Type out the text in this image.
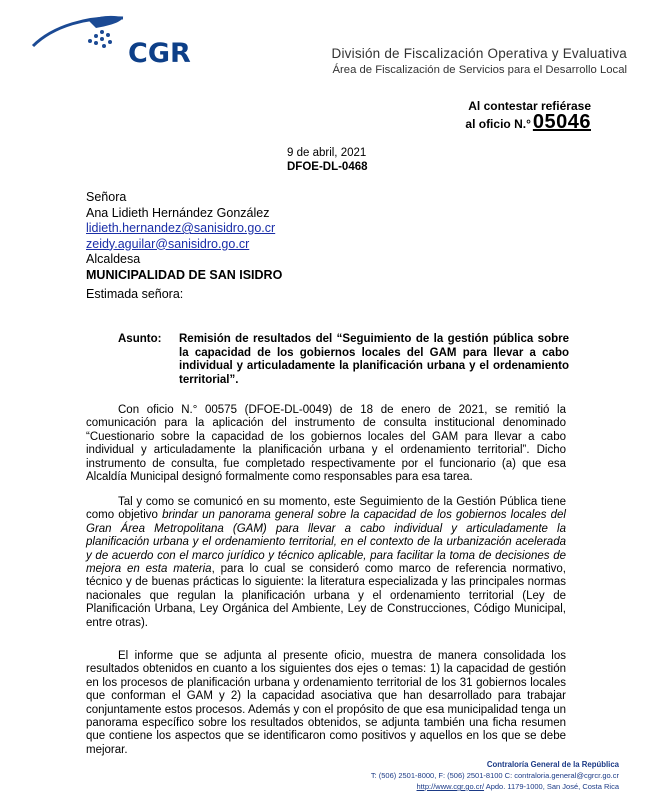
CGR	División de Fiscalización Operativa y Evaluativa
Área de Fiscalización de Servicios para el Desarrollo Local
Al contestar refiérase
al oficio N.° 05046
9 de abril, 2021
DFOE-DL-0468
Señora
Ana Lidieth Hernández González
lidieth.hernandez@sanisidro.go.cr
zeidy.aguilar@sanisidro.go.cr
Alcaldesa
MUNICIPALIDAD DE SAN ISIDRO
Estimada señora:
Asunto:	Remisión de resultados del “Seguimiento de la gestión pública sobre la capacidad de los gobiernos locales del GAM para llevar a cabo individual y articuladamente la planificación urbana y el ordenamiento territorial”.
Con oficio N.° 00575 (DFOE-DL-0049) de 18 de enero de 2021, se remitió la comunicación para la aplicación del instrumento de consulta institucional denominado “Cuestionario sobre la capacidad de los gobiernos locales del GAM para llevar a cabo individual y articuladamente la planificación urbana y el ordenamiento territorial”. Dicho instrumento de consulta, fue completado respectivamente por el funcionario (a) que esa Alcaldía Municipal designó formalmente como responsables para esa tarea.
Tal y como se comunicó en su momento, este Seguimiento de la Gestión Pública tiene como objetivo brindar un panorama general sobre la capacidad de los gobiernos locales del Gran Área Metropolitana (GAM) para llevar a cabo individual y articuladamente la planificación urbana y el ordenamiento territorial, en el contexto de la urbanización acelerada y de acuerdo con el marco jurídico y técnico aplicable, para facilitar la toma de decisiones de mejora en esta materia, para lo cual se consideró como marco de referencia normativo, técnico y de buenas prácticas lo siguiente: la literatura especializada y las principales normas nacionales que regulan la planificación urbana y el ordenamiento territorial (Ley de Planificación Urbana, Ley Orgánica del Ambiente, Ley de Construcciones, Código Municipal, entre otras).
El informe que se adjunta al presente oficio, muestra de manera consolidada los resultados obtenidos en cuanto a los siguientes dos ejes o temas: 1) la capacidad de gestión en los procesos de planificación urbana y ordenamiento territorial de los 31 gobiernos locales que conforman el GAM y 2) la capacidad asociativa que han desarrollado para trabajar conjuntamente estos procesos. Además y con el propósito de que esa municipalidad tenga un panorama específico sobre los resultados obtenidos, se adjunta también una ficha resumen que contiene los aspectos que se identificaron como positivos y aquellos en los que se debe mejorar.
Contraloría General de la República
T: (506) 2501-8000, F: (506) 2501-8100 C: contraloria.general@cgrcr.go.cr
http://www.cgr.go.cr/ Apdo. 1179-1000, San José, Costa Rica
